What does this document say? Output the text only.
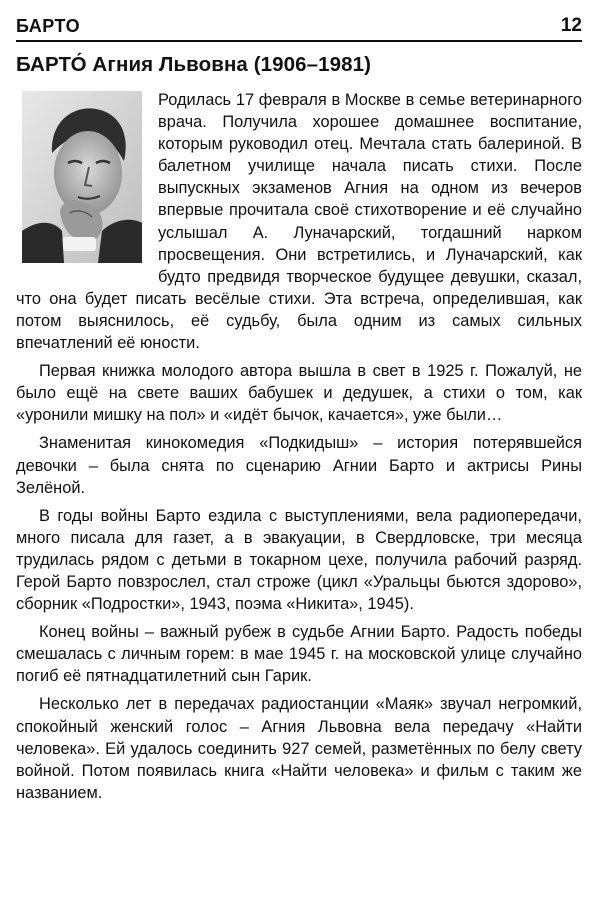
БАРТО	12
БАРТО́ Агния Львовна (1906–1981)

Родилась 17 февраля в Москве в семье ветеринарного врача. Получила хорошее домашнее воспитание, которым руководил отец. Мечтала стать балериной. В балетном училище начала писать стихи. После выпускных экзаменов Агния на одном из вечеров впервые прочитала своё стихотворение и её случайно услышал А. Луначарский, тогдашний нарком просвещения. Они встретились, и Луначарский, как будто предвидя творческое будущее девушки, сказал, что она будет писать весёлые стихи. Эта встреча, определившая, как потом выяснилось, её судьбу, была одним из самых сильных впечатлений её юности.

Первая книжка молодого автора вышла в свет в 1925 г. Пожалуй, не было ещё на свете ваших бабушек и дедушек, а стихи о том, как «уронили мишку на пол» и «идёт бычок, качается», уже были…

Знаменитая кинокомедия «Подкидыш» – история потерявшейся девочки – была снята по сценарию Агнии Барто и актрисы Рины Зелёной.

В годы войны Барто ездила с выступлениями, вела радиопередачи, много писала для газет, а в эвакуации, в Свердловске, три месяца трудилась рядом с детьми в токарном цехе, получила рабочий разряд. Герой Барто повзрослел, стал строже (цикл «Уральцы бьются здорово», сборник «Подростки», 1943, поэма «Никита», 1945).

Конец войны – важный рубеж в судьбе Агнии Барто. Радость победы смешалась с личным горем: в мае 1945 г. на московской улице случайно погиб её пятнадцатилетний сын Гарик.

Несколько лет в передачах радиостанции «Маяк» звучал негромкий, спокойный женский голос – Агния Львовна вела передачу «Найти человека». Ей удалось соединить 927 семей, разметённых по белу свету войной. Потом появилась книга «Найти человека» и фильм с таким же названием.
